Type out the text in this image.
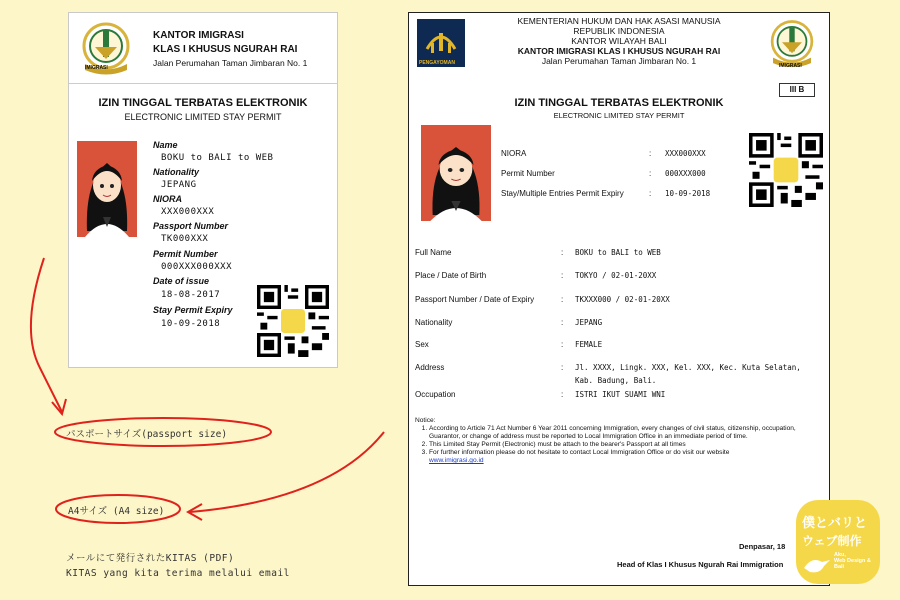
IMIGRASI
KANTOR IMIGRASI
KLAS I KHUSUS NGURAH RAI
Jalan Perumahan Taman Jimbaran No. 1
IZIN TINGGAL TERBATAS ELEKTRONIK
ELECTRONIC LIMITED STAY PERMIT
Name
BOKU to BALI to WEB
Nationality
JEPANG
NIORA
XXX000XXX
Passport Number
TK000XXX
Permit Number
000XXX000XXX
Date of issue
18-08-2017
Stay Permit Expiry
10-09-2018
KEMENTERIAN HUKUM DAN HAK ASASI MANUSIA
REPUBLIK INDONESIA
KANTOR WILAYAH BALI
KANTOR IMIGRASI KLAS I KHUSUS NGURAH RAI
Jalan Perumahan Taman Jimbaran No. 1
PENGAYOMAN	IMIGRASI
III B
IZIN TINGGAL TERBATAS ELEKTRONIK
ELECTRONIC LIMITED STAY PERMIT
NIORA	: XXX000XXX
Permit Number	: 000XXX000
Stay/Multiple Entries Permit Expiry	: 10-09-2018
Full Name	: BOKU to BALI to WEB
Place / Date of Birth	: TOKYO / 02-01-20XX
Passport Number / Date of Expiry	: TKXXX000 / 02-01-20XX
Nationality	: JEPANG
Sex	: FEMALE
Address	: Jl. XXXX, Lingk. XXX, Kel. XXX, Kec. Kuta Selatan,
Kab. Badung, Bali.
Occupation	: ISTRI IKUT SUAMI WNI
Notice:
1. According to Article 71 Act Number 6 Year 2011 concerning Immigration, every changes of civil status, citizenship, occupation, Guarantor, or change of address must be reported to Local Immigration Office in an immediate period of time.
2. This Limited Stay Permit (Electronic) must be attach to the bearer's Passport at all times
3. For further information please do not hesitate to contact Local Immigration Office or do visit our website
www.imigrasi.go.id
Denpasar, 18
Head of Klas I Khusus Ngurah Rai Immigration
パスポートサイズ(passport size)
A4サイズ (A4 size)
メールにて発行されたKITAS (PDF)
KITAS yang kita terima melalui email
僕とバリと
ウェブ制作
Aku,
Web Design &
Bali
